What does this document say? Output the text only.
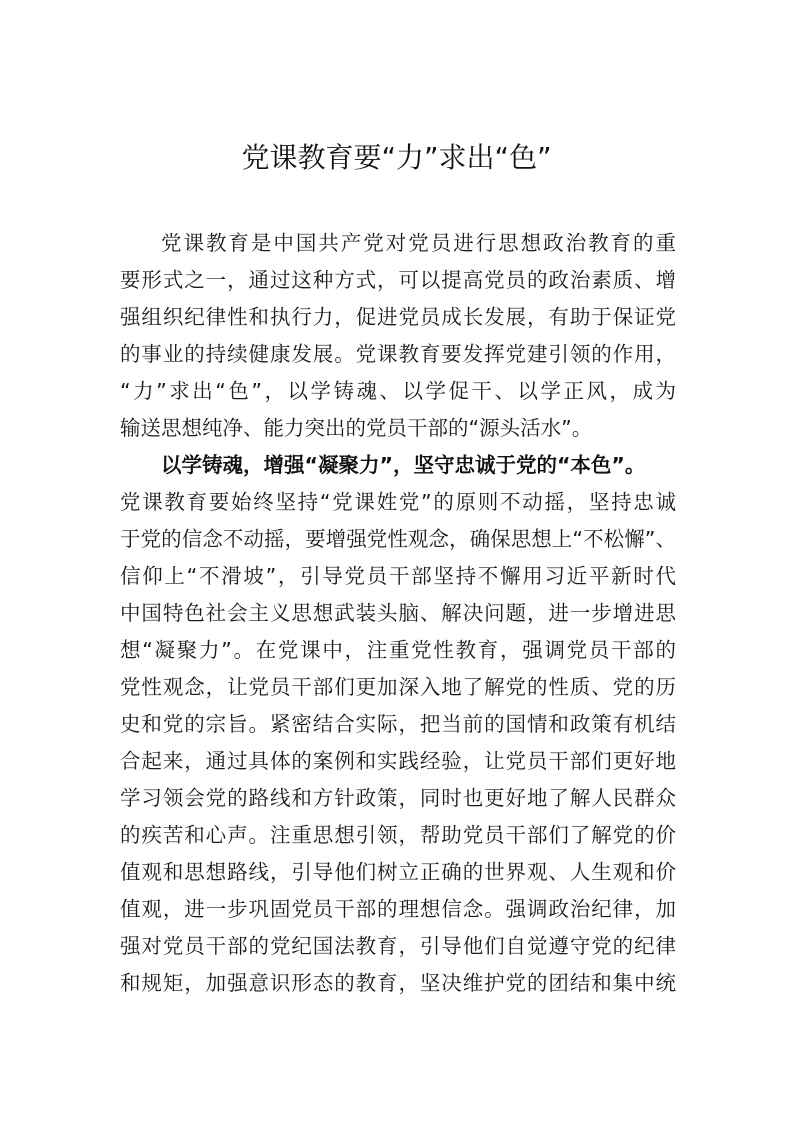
党课教育要“力”求出“色”
党课教育是中国共产党对党员进行思想政治教育的重
要形式之一，通过这种方式，可以提高党员的政治素质、增
强组织纪律性和执行力，促进党员成长发展，有助于保证党
的事业的持续健康发展。党课教育要发挥党建引领的作用，
“力”求出“色”，以学铸魂、以学促干、以学正风，成为
输送思想纯净、能力突出的党员干部的“源头活水”。
以学铸魂，增强“凝聚力”，坚守忠诚于党的“本色”。
党课教育要始终坚持“党课姓党”的原则不动摇，坚持忠诚
于党的信念不动摇，要增强党性观念，确保思想上“不松懈”、
信仰上“不滑坡”，引导党员干部坚持不懈用习近平新时代
中国特色社会主义思想武装头脑、解决问题，进一步增进思
想“凝聚力”。在党课中，注重党性教育，强调党员干部的
党性观念，让党员干部们更加深入地了解党的性质、党的历
史和党的宗旨。紧密结合实际，把当前的国情和政策有机结
合起来，通过具体的案例和实践经验，让党员干部们更好地
学习领会党的路线和方针政策，同时也更好地了解人民群众
的疾苦和心声。注重思想引领，帮助党员干部们了解党的价
值观和思想路线，引导他们树立正确的世界观、人生观和价
值观，进一步巩固党员干部的理想信念。强调政治纪律，加
强对党员干部的党纪国法教育，引导他们自觉遵守党的纪律
和规矩，加强意识形态的教育，坚决维护党的团结和集中统
